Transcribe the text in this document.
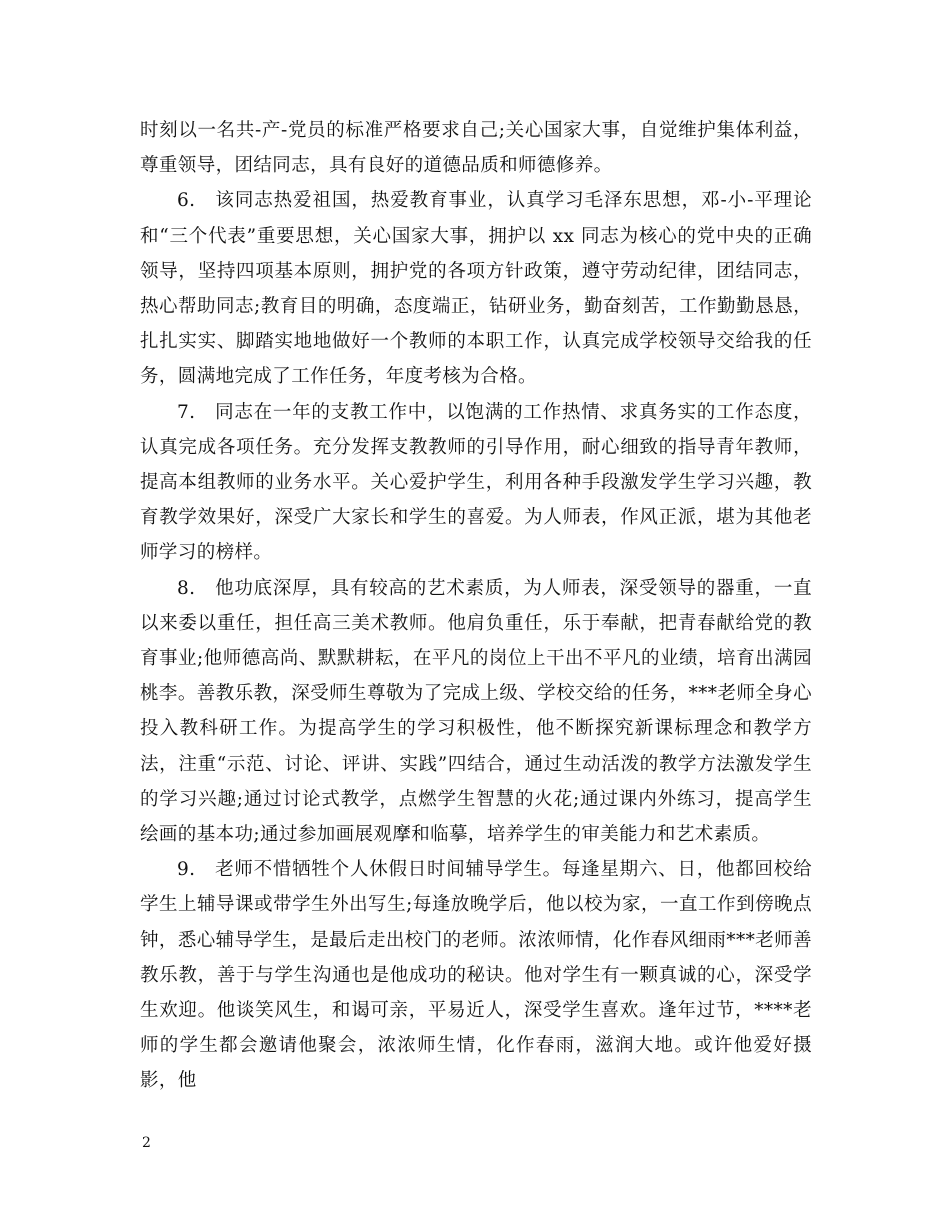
时刻以一名共-产-党员的标准严格要求自己;关心国家大事，自觉维护集体利益，尊重领导，团结同志，具有良好的道德品质和师德修养。

6.　该同志热爱祖国，热爱教育事业，认真学习毛泽东思想，邓-小-平理论和“三个代表”重要思想，关心国家大事，拥护以 xx 同志为核心的党中央的正确领导，坚持四项基本原则，拥护党的各项方针政策，遵守劳动纪律，团结同志，热心帮助同志;教育目的明确，态度端正，钻研业务，勤奋刻苦，工作勤勤恳恳，扎扎实实、脚踏实地地做好一个教师的本职工作，认真完成学校领导交给我的任务，圆满地完成了工作任务，年度考核为合格。

7.　同志在一年的支教工作中，以饱满的工作热情、求真务实的工作态度，认真完成各项任务。充分发挥支教教师的引导作用，耐心细致的指导青年教师，提高本组教师的业务水平。关心爱护学生，利用各种手段激发学生学习兴趣，教育教学效果好，深受广大家长和学生的喜爱。为人师表，作风正派，堪为其他老师学习的榜样。

8.　他功底深厚，具有较高的艺术素质，为人师表，深受领导的器重，一直以来委以重任，担任高三美术教师。他肩负重任，乐于奉献，把青春献给党的教育事业;他师德高尚、默默耕耘，在平凡的岗位上干出不平凡的业绩，培育出满园桃李。善教乐教，深受师生尊敬为了完成上级、学校交给的任务，***老师全身心投入教科研工作。为提高学生的学习积极性，他不断探究新课标理念和教学方法，注重“示范、讨论、评讲、实践”四结合，通过生动活泼的教学方法激发学生的学习兴趣;通过讨论式教学，点燃学生智慧的火花;通过课内外练习，提高学生绘画的基本功;通过参加画展观摩和临摹，培养学生的审美能力和艺术素质。

9.　老师不惜牺牲个人休假日时间辅导学生。每逢星期六、日，他都回校给学生上辅导课或带学生外出写生;每逢放晚学后，他以校为家，一直工作到傍晚点钟，悉心辅导学生，是最后走出校门的老师。浓浓师情，化作春风细雨***老师善教乐教，善于与学生沟通也是他成功的秘诀。他对学生有一颗真诚的心，深受学生欢迎。他谈笑风生，和谒可亲，平易近人，深受学生喜欢。逢年过节，****老师的学生都会邀请他聚会，浓浓师生情，化作春雨，滋润大地。或许他爱好摄影，他

2
